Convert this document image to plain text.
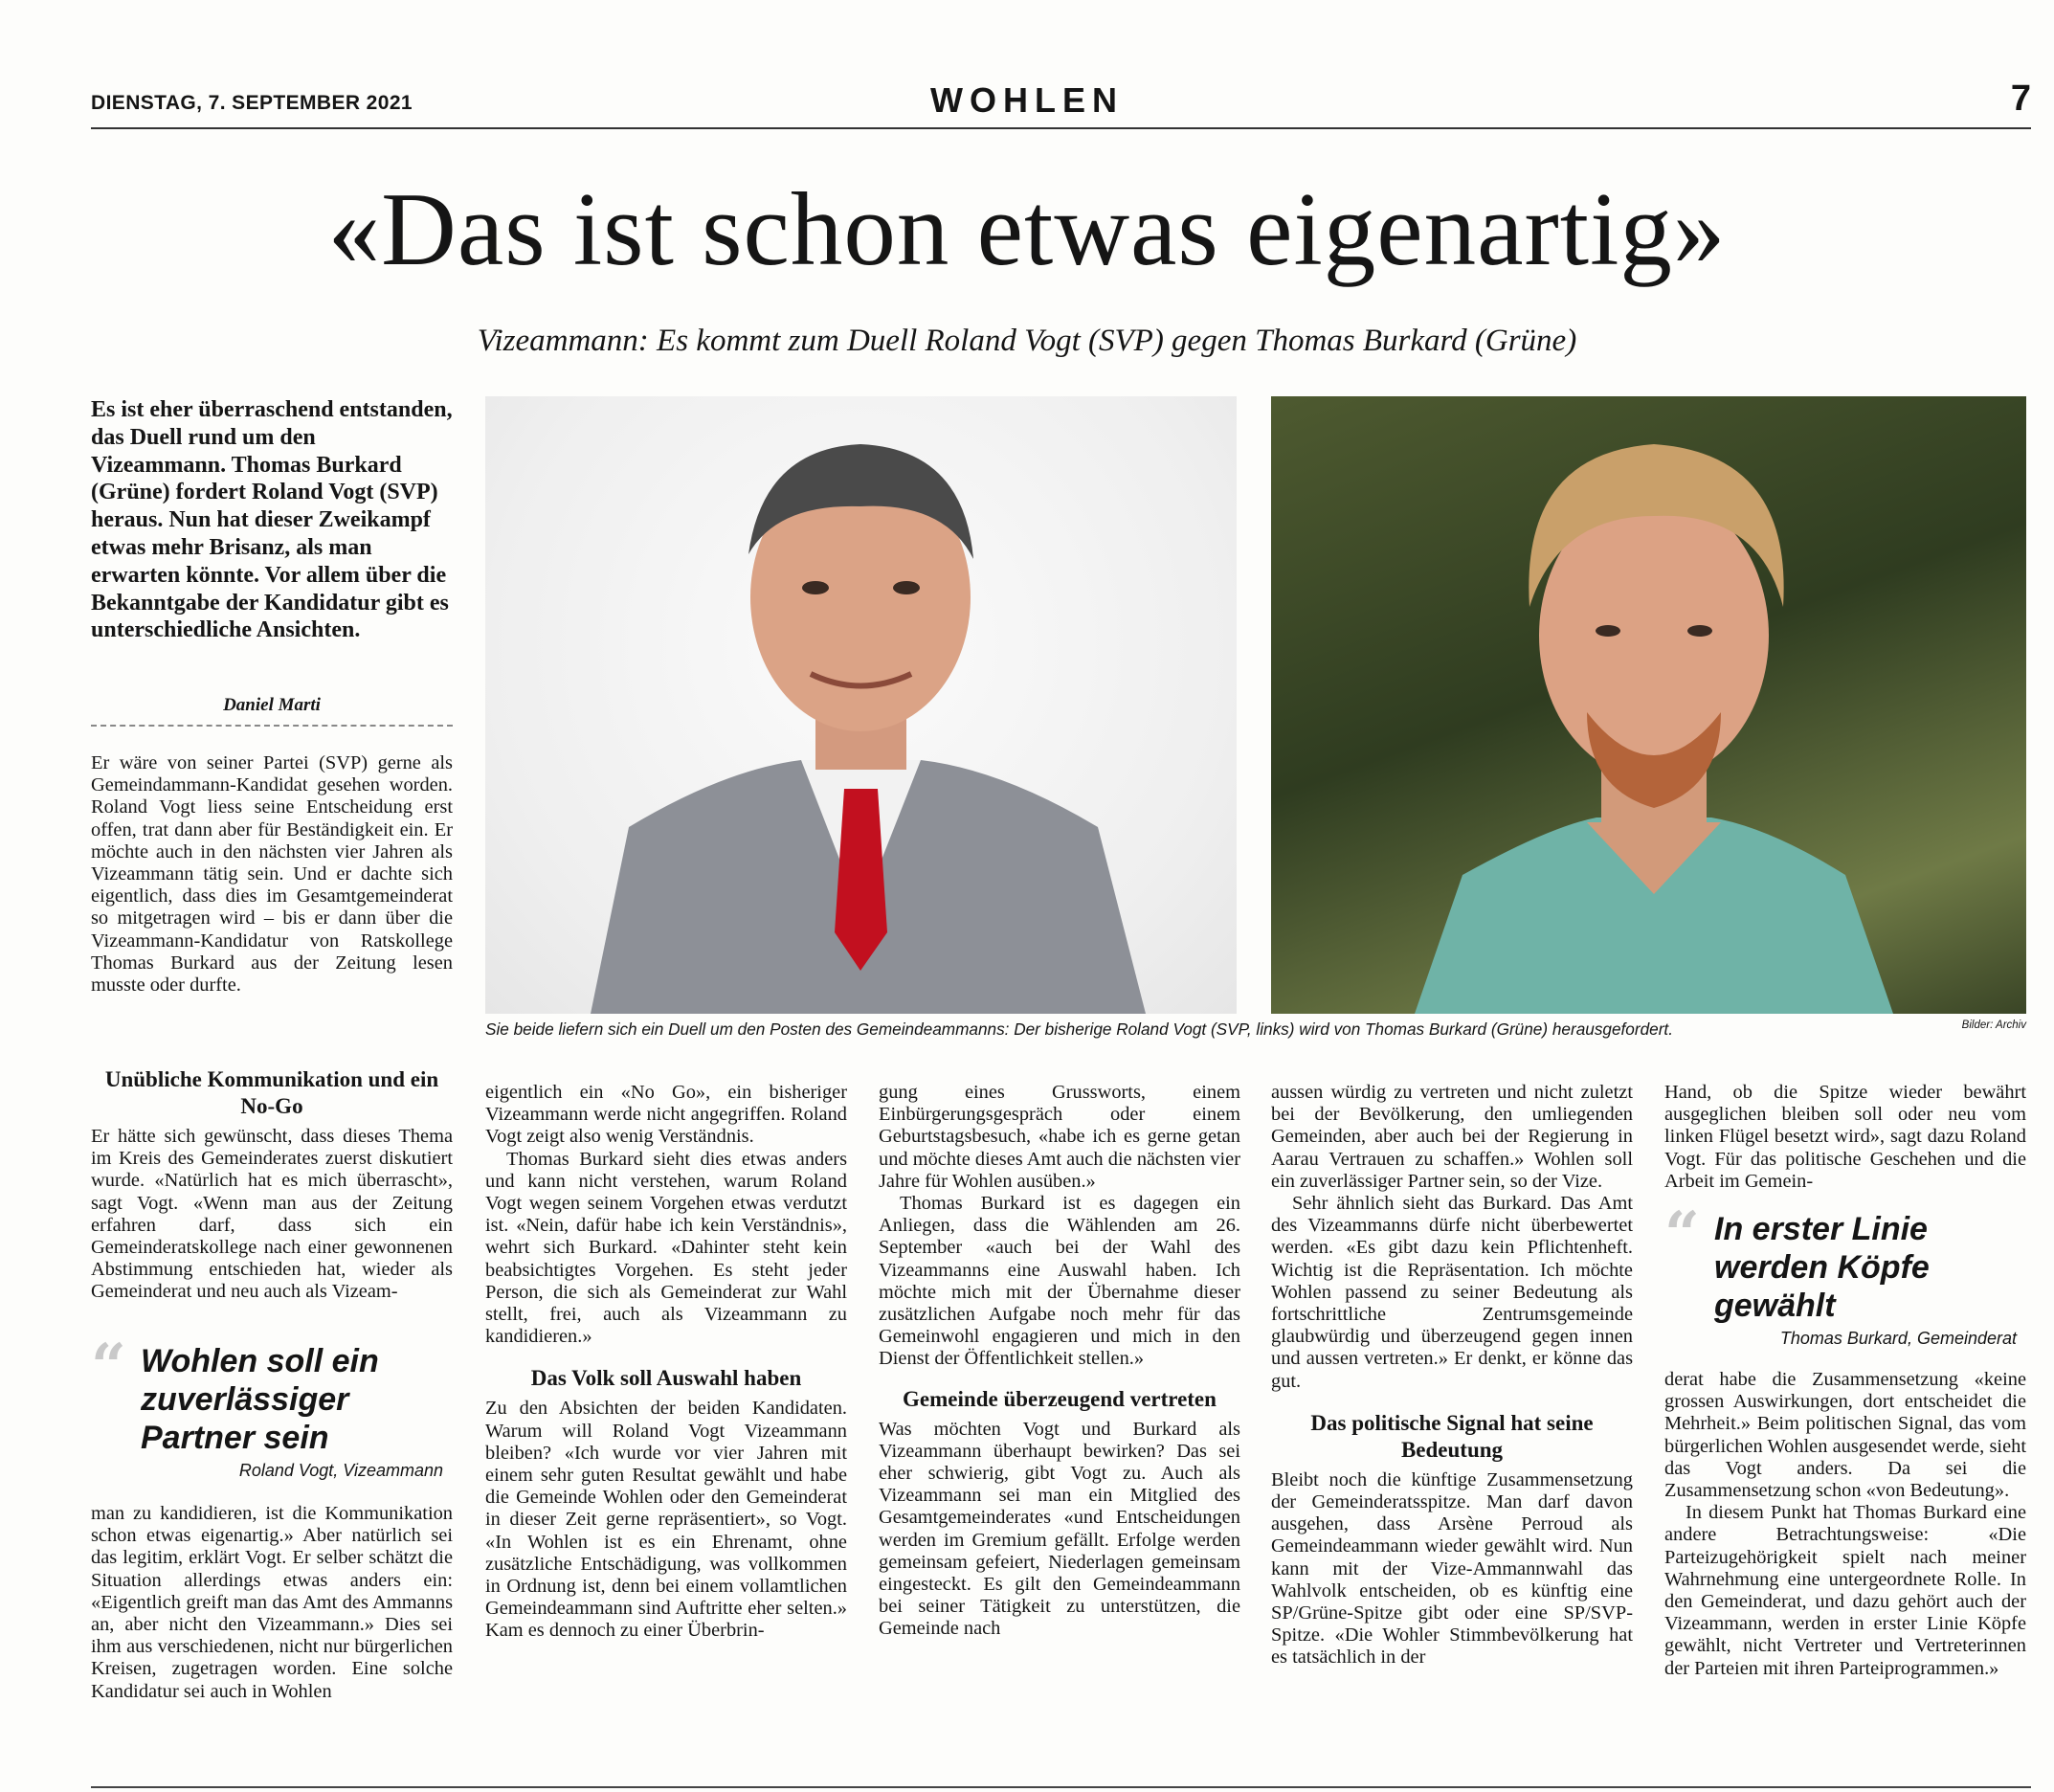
DIENSTAG, 7. SEPTEMBER 2021	WOHLEN	7
«Das ist schon etwas eigenartig»
Vizeammann: Es kommt zum Duell Roland Vogt (SVP) gegen Thomas Burkard (Grüne)
Es ist eher überraschend entstanden, das Duell rund um den Vizeammann. Thomas Burkard (Grüne) fordert Roland Vogt (SVP) heraus. Nun hat dieser Zweikampf etwas mehr Brisanz, als man erwarten könnte. Vor allem über die Bekanntgabe der Kandidatur gibt es unterschiedliche Ansichten.
Daniel Marti
Sie beide liefern sich ein Duell um den Posten des Gemeindeammanns: Der bisherige Roland Vogt (SVP, links) wird von Thomas Burkard (Grüne) herausgefordert.	Bilder: Archiv

Er wäre von seiner Partei (SVP) gerne als Gemeindammann-Kandidat gesehen worden. Roland Vogt liess seine Entscheidung erst offen, trat dann aber für Beständigkeit ein. Er möchte auch in den nächsten vier Jahren als Vizeammann tätig sein. Und er dachte sich eigentlich, dass dies im Gesamtgemeinderat so mitgetragen wird – bis er dann über die Vizeammann-Kandidatur von Ratskollege Thomas Burkard aus der Zeitung lesen musste oder durfte.

Unübliche Kommunikation und ein No-Go

Er hätte sich gewünscht, dass dieses Thema im Kreis des Gemeinderates zuerst diskutiert wurde. «Natürlich hat es mich überrascht», sagt Vogt. «Wenn man aus der Zeitung erfahren darf, dass sich ein Gemeinderatskollege nach einer gewonnenen Abstimmung entschieden hat, wieder als Gemeinderat und neu auch als Vizeam-

“ Wohlen soll ein zuverlässiger Partner sein
Roland Vogt, Vizeammann

man zu kandidieren, ist die Kommunikation schon etwas eigenartig.» Aber natürlich sei das legitim, erklärt Vogt. Er selber schätzt die Situation allerdings etwas anders ein: «Eigentlich greift man das Amt des Ammanns an, aber nicht den Vizeammann.» Dies sei ihm aus verschiedenen, nicht nur bürgerlichen Kreisen, zugetragen worden. Eine solche Kandidatur sei auch in Wohlen

eigentlich ein «No Go», ein bisheriger Vizeammann werde nicht angegriffen. Roland Vogt zeigt also wenig Verständnis.

Thomas Burkard sieht dies etwas anders und kann nicht verstehen, warum Roland Vogt wegen seinem Vorgehen etwas verdutzt ist. «Nein, dafür habe ich kein Verständnis», wehrt sich Burkard. «Dahinter steht kein beabsichtigtes Vorgehen. Es steht jeder Person, die sich als Gemeinderat zur Wahl stellt, frei, auch als Vizeammann zu kandidieren.»

Das Volk soll Auswahl haben

Zu den Absichten der beiden Kandidaten. Warum will Roland Vogt Vizeammann bleiben? «Ich wurde vor vier Jahren mit einem sehr guten Resultat gewählt und habe die Gemeinde Wohlen oder den Gemeinderat in dieser Zeit gerne repräsentiert», so Vogt. «In Wohlen ist es ein Ehrenamt, ohne zusätzliche Entschädigung, was vollkommen in Ordnung ist, denn bei einem vollamtlichen Gemeindeammann sind Auftritte eher selten.» Kam es dennoch zu einer Überbrin-

gung eines Grussworts, einem Einbürgerungsgespräch oder einem Geburtstagsbesuch, «habe ich es gerne getan und möchte dieses Amt auch die nächsten vier Jahre für Wohlen ausüben.»

Thomas Burkard ist es dagegen ein Anliegen, dass die Wählenden am 26. September «auch bei der Wahl des Vizeammanns eine Auswahl haben. Ich möchte mich mit der Übernahme dieser zusätzlichen Aufgabe noch mehr für das Gemeinwohl engagieren und mich in den Dienst der Öffentlichkeit stellen.»

Gemeinde überzeugend vertreten

Was möchten Vogt und Burkard als Vizeammann überhaupt bewirken? Das sei eher schwierig, gibt Vogt zu. Auch als Vizeammann sei man ein Mitglied des Gesamtgemeinderates «und Entscheidungen werden im Gremium gefällt. Erfolge werden gemeinsam gefeiert, Niederlagen gemeinsam eingesteckt. Es gilt den Gemeindeammann bei seiner Tätigkeit zu unterstützen, die Gemeinde nach

aussen würdig zu vertreten und nicht zuletzt bei der Bevölkerung, den umliegenden Gemeinden, aber auch bei der Regierung in Aarau Vertrauen zu schaffen.» Wohlen soll ein zuverlässiger Partner sein, so der Vize.

Sehr ähnlich sieht das Burkard. Das Amt des Vizeammanns dürfe nicht überbewertet werden. «Es gibt dazu kein Pflichtenheft. Wichtig ist die Repräsentation. Ich möchte Wohlen passend zu seiner Bedeutung als fortschrittliche Zentrumsgemeinde glaubwürdig und überzeugend gegen innen und aussen vertreten.» Er denkt, er könne das gut.

Das politische Signal hat seine Bedeutung

Bleibt noch die künftige Zusammensetzung der Gemeinderatsspitze. Man darf davon ausgehen, dass Arsène Perroud als Gemeindeammann wieder gewählt wird. Nun kann mit der Vize-Ammannwahl das Wahlvolk entscheiden, ob es künftig eine SP/Grüne-Spitze gibt oder eine SP/SVP-Spitze. «Die Wohler Stimmbevölkerung hat es tatsächlich in der

Hand, ob die Spitze wieder bewährt ausgeglichen bleiben soll oder neu vom linken Flügel besetzt wird», sagt dazu Roland Vogt. Für das politische Geschehen und die Arbeit im Gemein-

“ In erster Linie werden Köpfe gewählt
Thomas Burkard, Gemeinderat

derat habe die Zusammensetzung «keine grossen Auswirkungen, dort entscheidet die Mehrheit.» Beim politischen Signal, das vom bürgerlichen Wohlen ausgesendet werde, sieht das Vogt anders. Da sei die Zusammensetzung schon «von Bedeutung».

In diesem Punkt hat Thomas Burkard eine andere Betrachtungsweise: «Die Parteizugehörigkeit spielt nach meiner Wahrnehmung eine untergeordnete Rolle. In den Gemeinderat, und dazu gehört auch der Vizeammann, werden in erster Linie Köpfe gewählt, nicht Vertreter und Vertreterinnen der Parteien mit ihren Parteiprogrammen.»
